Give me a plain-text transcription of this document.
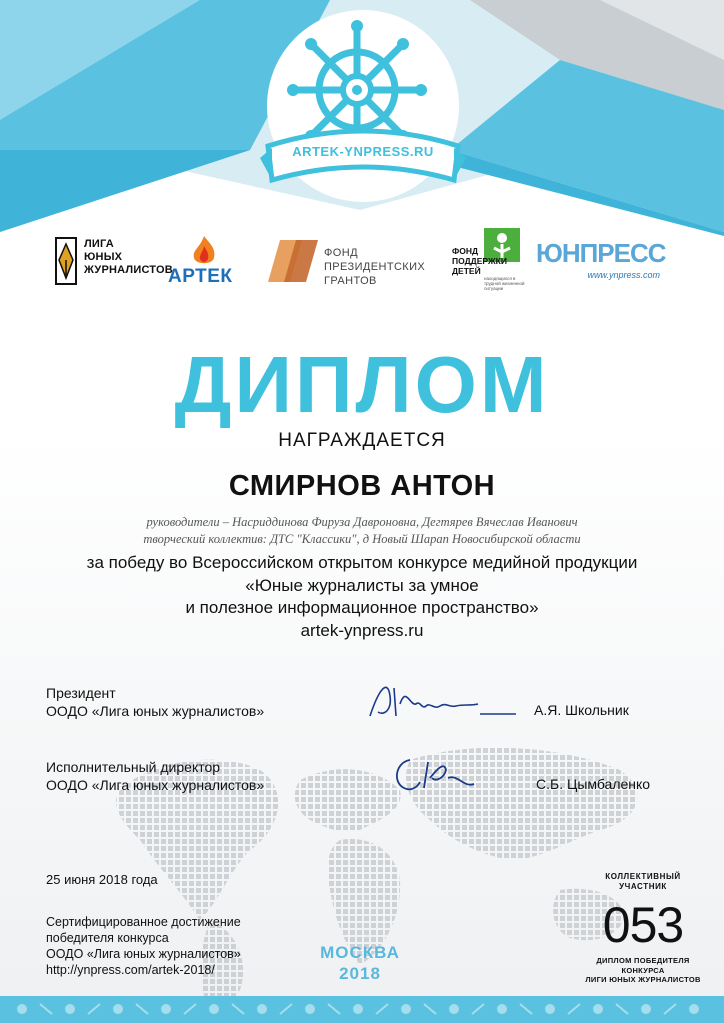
ARTEK-YNPRESS.RU
ЛИГА
ЮНЫХ
ЖУРНАЛИСТОВ
АРТЕК
ФОНД
ПРЕЗИДЕНТСКИХ
ГРАНТОВ
ФОНД
ПОДДЕРЖКИ
ДЕТЕЙ
находящихся в трудной жизненной ситуации
ЮНПРЕСС
www.ynpress.com
ДИПЛОМ
НАГРАЖДАЕТСЯ
СМИРНОВ АНТОН
руководители – Насриддинова Фируза Давроновна, Дегтярев Вячеслав Иванович
творческий коллектив: ДТС "Классики", д Новый Шарап Новосибирской области
за победу во Всероссийском открытом конкурсе медийной продукции
«Юные журналисты за умное
и полезное информационное пространство»
artek-ynpress.ru
Президент
ООДО «Лига юных журналистов»	А.Я. Школьник
Исполнительный директор
ООДО «Лига юных журналистов»	С.Б. Цымбаленко
25 июня 2018 года
Сертифицированное достижение
победителя конкурса
ООДО «Лига юных журналистов»
http://ynpress.com/artek-2018/
МОСКВА
2018
КОЛЛЕКТИВНЫЙ
УЧАСТНИК
053
ДИПЛОМ ПОБЕДИТЕЛЯ
КОНКУРСА
ЛИГИ ЮНЫХ ЖУРНАЛИСТОВ
